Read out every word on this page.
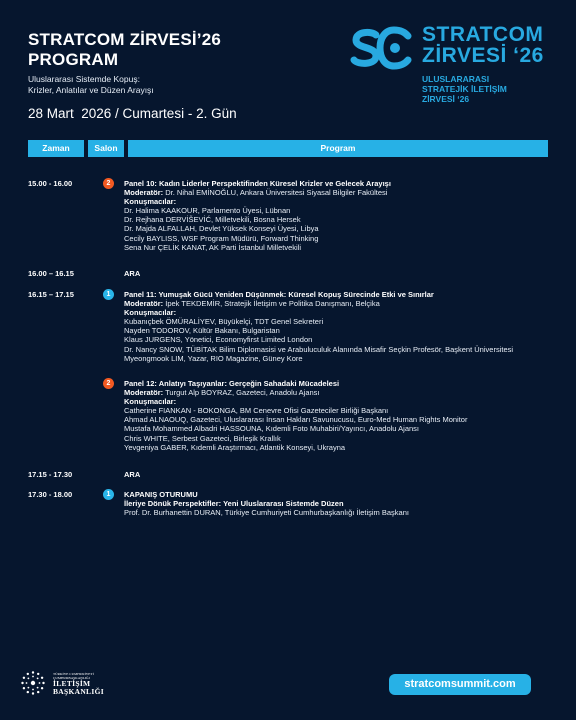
STRATCOM ZİRVESİ’26
PROGRAM
Uluslararası Sistemde Kopuş:
Krizler, Anlatılar ve Düzen Arayışı
28 Mart  2026 / Cumartesi - 2. Gün
STRATCOM
ZİRVESİ ‘26
ULUSLARARASI
STRATEJİK İLETİŞİM
ZİRVESİ ‘26
Zaman	Salon	Program
15.00 - 16.00	2	Panel 10: Kadın Liderler Perspektifinden Küresel Krizler ve Gelecek Arayışı
Moderatör: Dr. Nihal EMİNOĞLU, Ankara Üniversitesi Siyasal Bilgiler Fakültesi
Konuşmacılar:
Dr. Halima KAAKOUR, Parlamento Üyesi, Lübnan
Dr. Rejhana DERVİŠEVİĆ, Milletvekili, Bosna Hersek
Dr. Majda ALFALLAH, Devlet Yüksek Konseyi Üyesi, Libya
Cecily BAYLISS, WSF Program Müdürü, Forward Thinking
Sena Nur ÇELİK KANAT, AK Parti İstanbul Milletvekili
16.00 – 16.15	ARA
16.15 – 17.15	1	Panel 11: Yumuşak Gücü Yeniden Düşünmek: Küresel Kopuş Sürecinde Etki ve Sınırlar
Moderatör: İpek TEKDEMİR, Stratejik İletişim ve Politika Danışmanı, Belçika
Konuşmacılar:
Kubanıçbek ÖMÜRALİYEV, Büyükelçi, TDT Genel Sekreteri
Nayden TODOROV, Kültür Bakanı, Bulgaristan
Klaus JURGENS, Yönetici, Economyfirst Limited London
Dr. Nancy SNOW, TÜBİTAK Bilim Diplomasisi ve Arabuluculuk Alanında Misafir Seçkin Profesör, Başkent Üniversitesi
Myeongmook LIM, Yazar, RIO Magazine, Güney Kore
2	Panel 12: Anlatıyı Taşıyanlar: Gerçeğin Sahadaki Mücadelesi
Moderatör: Turgut Alp BOYRAZ, Gazeteci, Anadolu Ajansı
Konuşmacılar:
Catherine FIANKAN - BOKONGA, BM Cenevre Ofisi Gazeteciler Birliği Başkanı
Ahmad ALNAOUQ, Gazeteci, Uluslararası İnsan Hakları Savunucusu, Euro-Med Human Rights Monitor
Mustafa Mohammed Albadri HASSOUNA, Kıdemli Foto Muhabiri/Yayıncı, Anadolu Ajansı
Chris WHITE, Serbest Gazeteci, Birleşik Krallık
Yevgeniya GABER, Kıdemli Araştırmacı, Atlantik Konseyi, Ukrayna
17.15 - 17.30	ARA
17.30 - 18.00	1	KAPANIŞ OTURUMU
İleriye Dönük Perspektifler: Yeni Uluslararası Sistemde Düzen
Prof. Dr. Burhanettin DURAN, Türkiye Cumhuriyeti Cumhurbaşkanlığı İletişim Başkanı
TÜRKİYE CUMHURİYETİ
CUMHURBAŞKANLIĞI
İLETİŞİM
BAŞKANLIĞI
stratcomsummit.com
